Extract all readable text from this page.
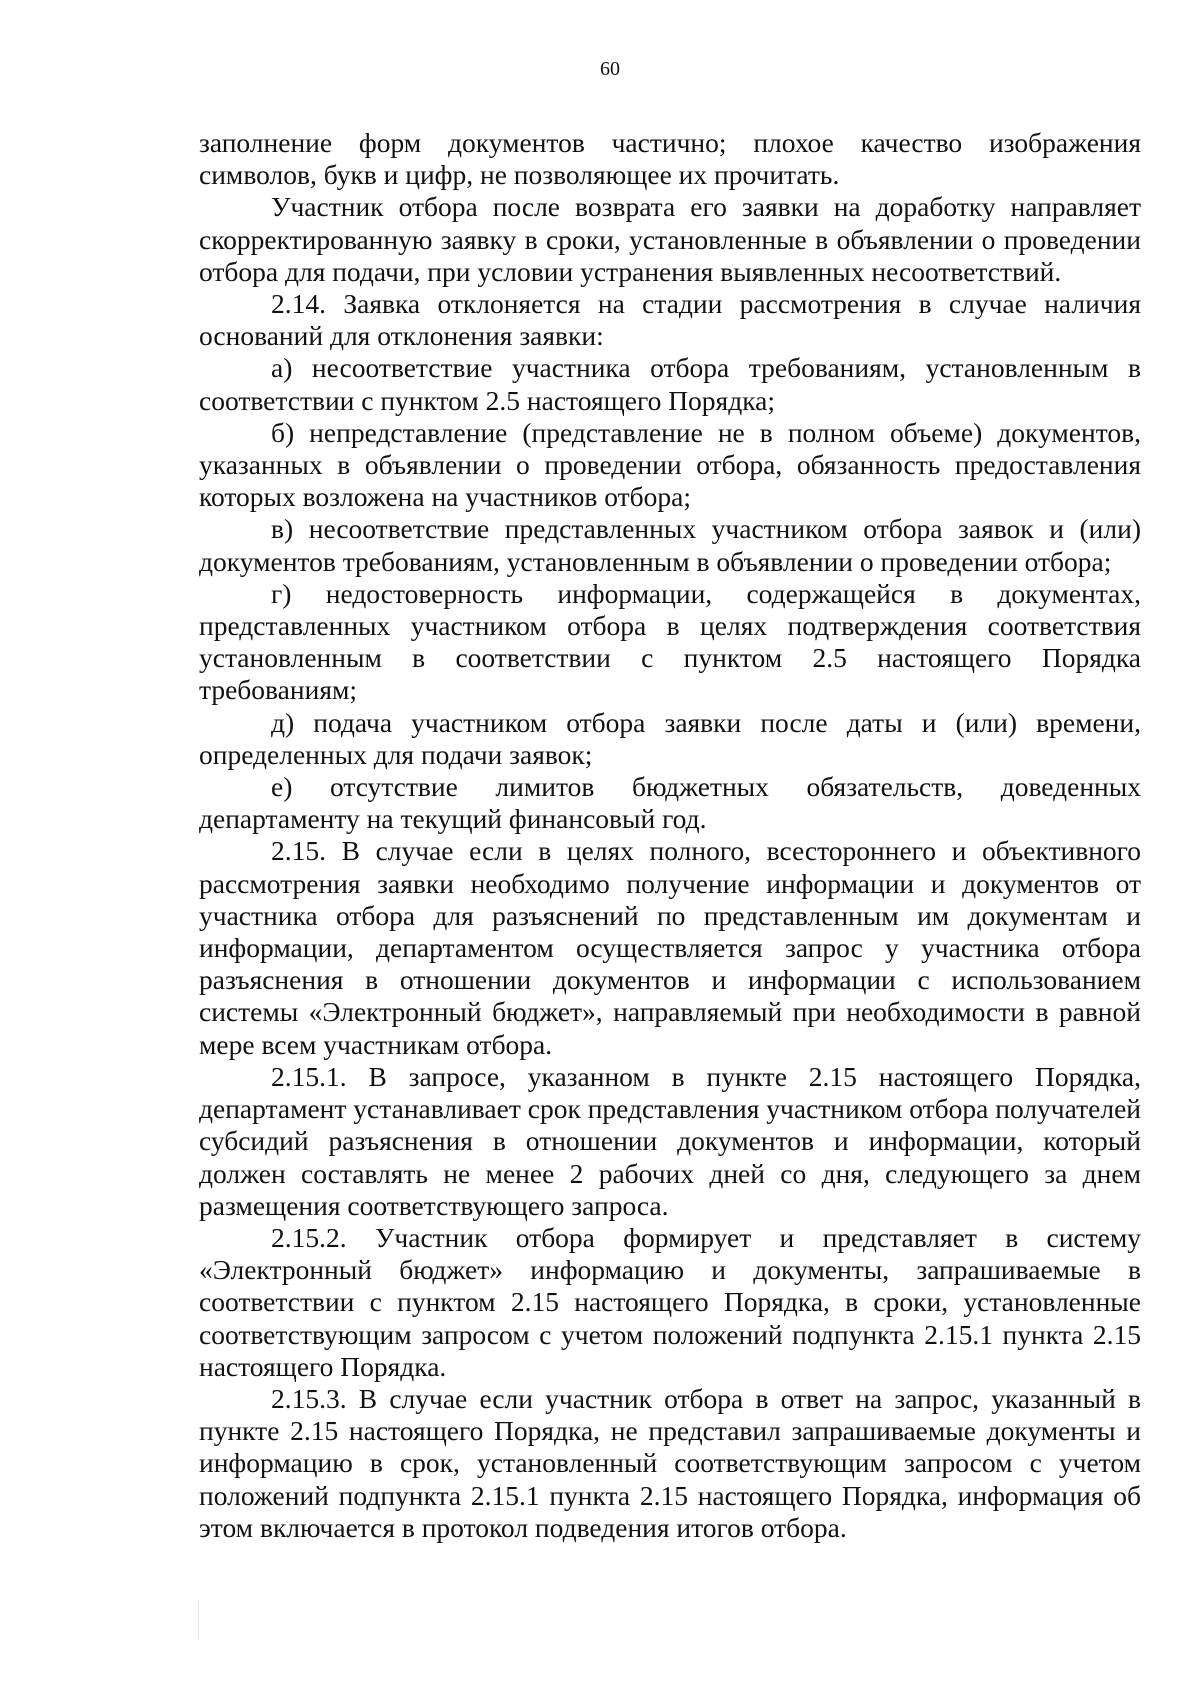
60

заполнение форм документов частично; плохое качество изображения символов, букв и цифр, не позволяющее их прочитать.

Участник отбора после возврата его заявки на доработку направляет скорректированную заявку в сроки, установленные в объявлении о проведении отбора для подачи, при условии устранения выявленных несоответствий.

2.14. Заявка отклоняется на стадии рассмотрения в случае наличия оснований для отклонения заявки:

а) несоответствие участника отбора требованиям, установленным в соответствии с пунктом 2.5 настоящего Порядка;

б) непредставление (представление не в полном объеме) документов, указанных в объявлении о проведении отбора, обязанность предоставления которых возложена на участников отбора;

в) несоответствие представленных участником отбора заявок и (или) документов требованиям, установленным в объявлении о проведении отбора;

г) недостоверность информации, содержащейся в документах, представленных участником отбора в целях подтверждения соответствия установленным в соответствии с пунктом 2.5 настоящего Порядка требованиям;

д) подача участником отбора заявки после даты и (или) времени, определенных для подачи заявок;

е) отсутствие лимитов бюджетных обязательств, доведенных департаменту на текущий финансовый год.

2.15. В случае если в целях полного, всестороннего и объективного рассмотрения заявки необходимо получение информации и документов от участника отбора для разъяснений по представленным им документам и информации, департаментом осуществляется запрос у участника отбора разъяснения в отношении документов и информации с использованием системы «Электронный бюджет», направляемый при необходимости в равной мере всем участникам отбора.

2.15.1. В запросе, указанном в пункте 2.15 настоящего Порядка, департамент устанавливает срок представления участником отбора получателей субсидий разъяснения в отношении документов и информации, который должен составлять не менее 2 рабочих дней со дня, следующего за днем размещения соответствующего запроса.

2.15.2. Участник отбора формирует и представляет в систему «Электронный бюджет» информацию и документы, запрашиваемые в соответствии с пунктом 2.15 настоящего Порядка, в сроки, установленные соответствующим запросом с учетом положений подпункта 2.15.1 пункта 2.15 настоящего Порядка.

2.15.3. В случае если участник отбора в ответ на запрос, указанный в пункте 2.15 настоящего Порядка, не представил запрашиваемые документы и информацию в срок, установленный соответствующим запросом с учетом положений подпункта 2.15.1 пункта 2.15 настоящего Порядка, информация об этом включается в протокол подведения итогов отбора.
